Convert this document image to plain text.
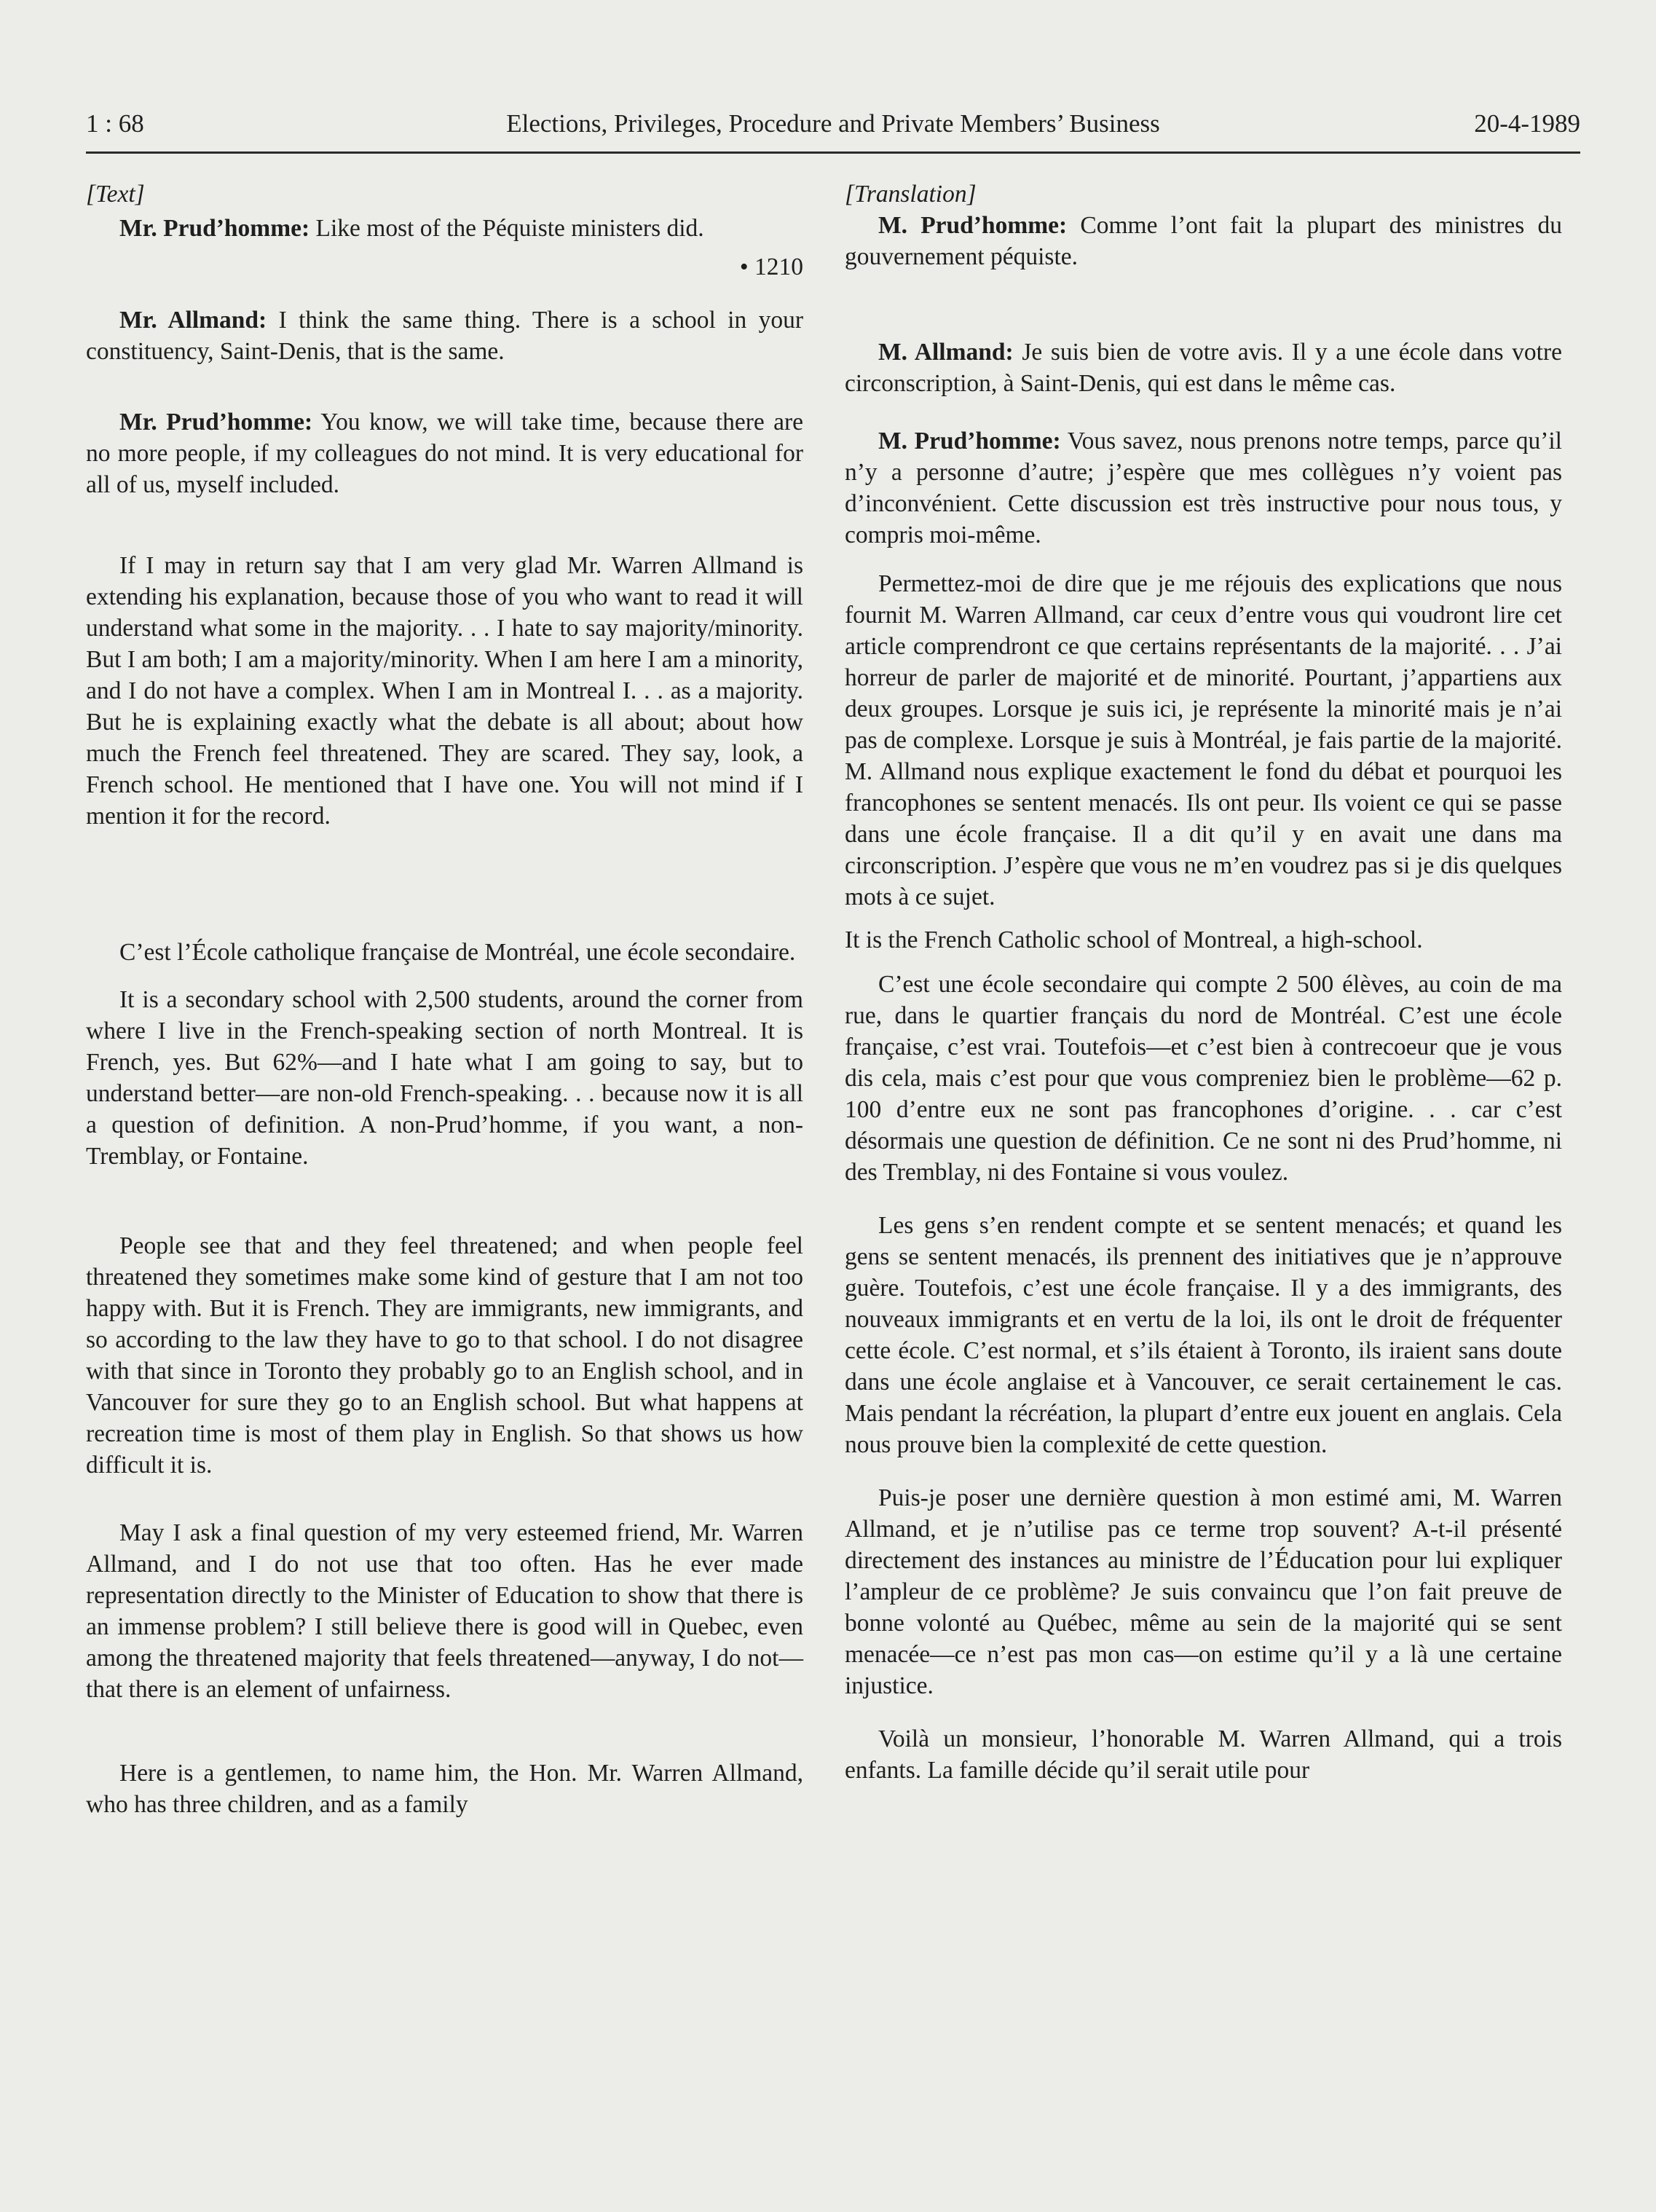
1 : 68	Elections, Privileges, Procedure and Private Members’ Business	20-4-1989

[Text]

Mr. Prud’homme: Like most of the Péquiste ministers did.

• 1210

Mr. Allmand: I think the same thing. There is a school in your constituency, Saint-Denis, that is the same.

Mr. Prud’homme: You know, we will take time, because there are no more people, if my colleagues do not mind. It is very educational for all of us, myself included.

If I may in return say that I am very glad Mr. Warren Allmand is extending his explanation, because those of you who want to read it will understand what some in the majority. . . I hate to say majority/minority. But I am both; I am a majority/minority. When I am here I am a minority, and I do not have a complex. When I am in Montreal I. . . as a majority. But he is explaining exactly what the debate is all about; about how much the French feel threatened. They are scared. They say, look, a French school. He mentioned that I have one. You will not mind if I mention it for the record.

C’est l’École catholique française de Montréal, une école secondaire.

It is a secondary school with 2,500 students, around the corner from where I live in the French-speaking section of north Montreal. It is French, yes. But 62%—and I hate what I am going to say, but to understand better—are non-old French-speaking. . . because now it is all a question of definition. A non-Prud’homme, if you want, a non-Tremblay, or Fontaine.

People see that and they feel threatened; and when people feel threatened they sometimes make some kind of gesture that I am not too happy with. But it is French. They are immigrants, new immigrants, and so according to the law they have to go to that school. I do not disagree with that since in Toronto they probably go to an English school, and in Vancouver for sure they go to an English school. But what happens at recreation time is most of them play in English. So that shows us how difficult it is.

May I ask a final question of my very esteemed friend, Mr. Warren Allmand, and I do not use that too often. Has he ever made representation directly to the Minister of Education to show that there is an immense problem? I still believe there is good will in Quebec, even among the threatened majority that feels threatened—anyway, I do not—that there is an element of unfairness.

Here is a gentlemen, to name him, the Hon. Mr. Warren Allmand, who has three children, and as a family

[Translation]

M. Prud’homme: Comme l’ont fait la plupart des ministres du gouvernement péquiste.

M. Allmand: Je suis bien de votre avis. Il y a une école dans votre circonscription, à Saint-Denis, qui est dans le même cas.

M. Prud’homme: Vous savez, nous prenons notre temps, parce qu’il n’y a personne d’autre; j’espère que mes collègues n’y voient pas d’inconvénient. Cette discussion est très instructive pour nous tous, y compris moi-même.

Permettez-moi de dire que je me réjouis des explications que nous fournit M. Warren Allmand, car ceux d’entre vous qui voudront lire cet article comprendront ce que certains représentants de la majorité. . . J’ai horreur de parler de majorité et de minorité. Pourtant, j’appartiens aux deux groupes. Lorsque je suis ici, je représente la minorité mais je n’ai pas de complexe. Lorsque je suis à Montréal, je fais partie de la majorité. M. Allmand nous explique exactement le fond du débat et pourquoi les francophones se sentent menacés. Ils ont peur. Ils voient ce qui se passe dans une école française. Il a dit qu’il y en avait une dans ma circonscription. J’espère que vous ne m’en voudrez pas si je dis quelques mots à ce sujet.

It is the French Catholic school of Montreal, a high-school.

C’est une école secondaire qui compte 2 500 élèves, au coin de ma rue, dans le quartier français du nord de Montréal. C’est une école française, c’est vrai. Toutefois—et c’est bien à contrecoeur que je vous dis cela, mais c’est pour que vous compreniez bien le problème—62 p. 100 d’entre eux ne sont pas francophones d’origine. . . car c’est désormais une question de définition. Ce ne sont ni des Prud’homme, ni des Tremblay, ni des Fontaine si vous voulez.

Les gens s’en rendent compte et se sentent menacés; et quand les gens se sentent menacés, ils prennent des initiatives que je n’approuve guère. Toutefois, c’est une école française. Il y a des immigrants, des nouveaux immigrants et en vertu de la loi, ils ont le droit de fréquenter cette école. C’est normal, et s’ils étaient à Toronto, ils iraient sans doute dans une école anglaise et à Vancouver, ce serait certainement le cas. Mais pendant la récréation, la plupart d’entre eux jouent en anglais. Cela nous prouve bien la complexité de cette question.

Puis-je poser une dernière question à mon estimé ami, M. Warren Allmand, et je n’utilise pas ce terme trop souvent? A-t-il présenté directement des instances au ministre de l’Éducation pour lui expliquer l’ampleur de ce problème? Je suis convaincu que l’on fait preuve de bonne volonté au Québec, même au sein de la majorité qui se sent menacée—ce n’est pas mon cas—on estime qu’il y a là une certaine injustice.

Voilà un monsieur, l’honorable M. Warren Allmand, qui a trois enfants. La famille décide qu’il serait utile pour
